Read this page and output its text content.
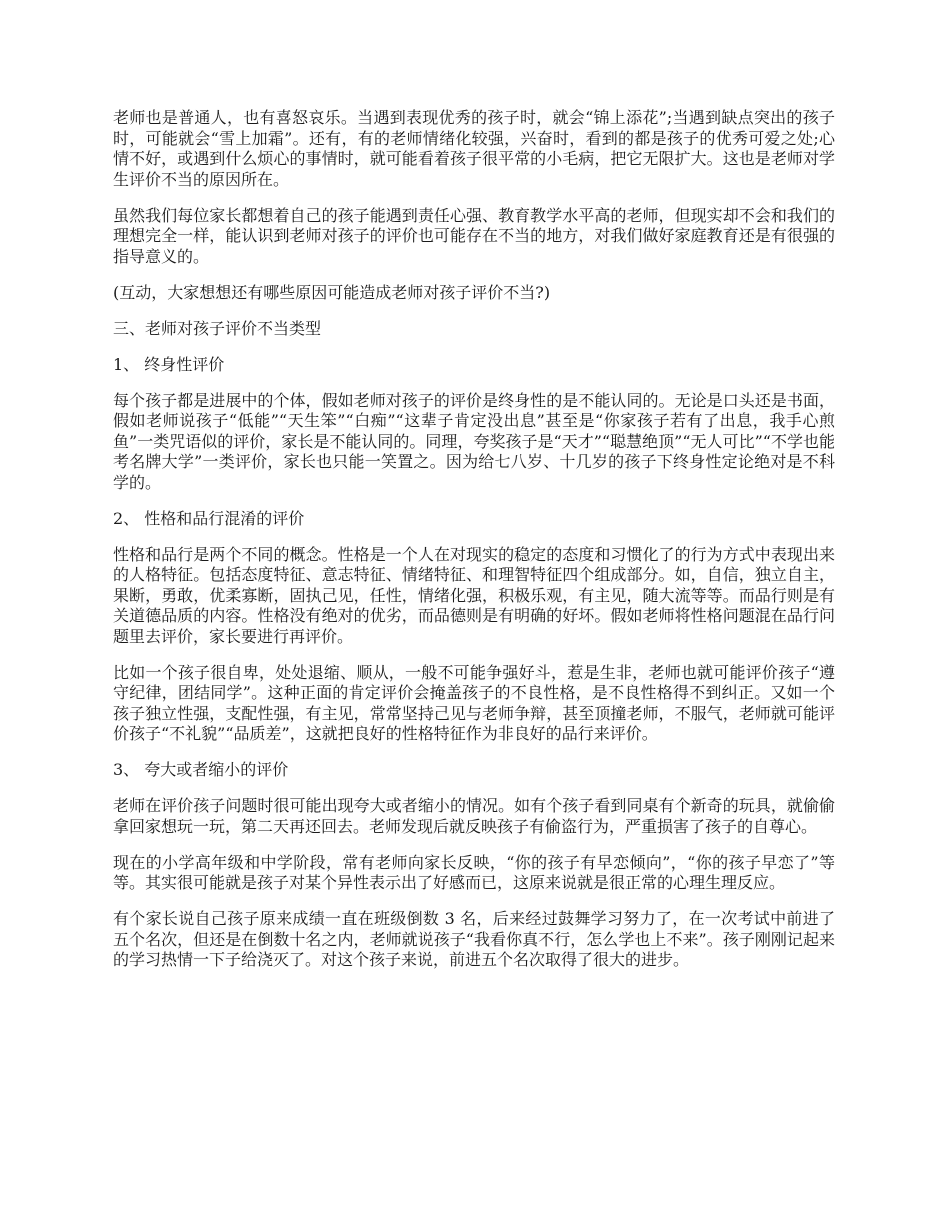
老师也是普通人，也有喜怒哀乐。当遇到表现优秀的孩子时，就会“锦上添花”;当遇到缺点突出的孩子时，可能就会“雪上加霜”。还有，有的老师情绪化较强，兴奋时，看到的都是孩子的优秀可爱之处;心情不好，或遇到什么烦心的事情时，就可能看着孩子很平常的小毛病，把它无限扩大。这也是老师对学生评价不当的原因所在。

虽然我们每位家长都想着自己的孩子能遇到责任心强、教育教学水平高的老师，但现实却不会和我们的理想完全一样，能认识到老师对孩子的评价也可能存在不当的地方，对我们做好家庭教育还是有很强的指导意义的。

(互动，大家想想还有哪些原因可能造成老师对孩子评价不当?)

三、老师对孩子评价不当类型

1、 终身性评价

每个孩子都是进展中的个体，假如老师对孩子的评价是终身性的是不能认同的。无论是口头还是书面，假如老师说孩子“低能”“天生笨”“白痴”“这辈子肯定没出息”甚至是“你家孩子若有了出息，我手心煎鱼”一类咒语似的评价，家长是不能认同的。同理，夸奖孩子是“天才”“聪慧绝顶”“无人可比”“不学也能考名牌大学”一类评价，家长也只能一笑置之。因为给七八岁、十几岁的孩子下终身性定论绝对是不科学的。

2、 性格和品行混淆的评价

性格和品行是两个不同的概念。性格是一个人在对现实的稳定的态度和习惯化了的行为方式中表现出来的人格特征。包括态度特征、意志特征、情绪特征、和理智特征四个组成部分。如，自信，独立自主，果断，勇敢，优柔寡断，固执己见，任性，情绪化强，积极乐观，有主见，随大流等等。而品行则是有关道德品质的内容。性格没有绝对的优劣，而品德则是有明确的好坏。假如老师将性格问题混在品行问题里去评价，家长要进行再评价。

比如一个孩子很自卑，处处退缩、顺从，一般不可能争强好斗，惹是生非，老师也就可能评价孩子“遵守纪律，团结同学”。这种正面的肯定评价会掩盖孩子的不良性格，是不良性格得不到纠正。又如一个孩子独立性强，支配性强，有主见，常常坚持己见与老师争辩，甚至顶撞老师，不服气，老师就可能评价孩子“不礼貌”“品质差”，这就把良好的性格特征作为非良好的品行来评价。

3、 夸大或者缩小的评价

老师在评价孩子问题时很可能出现夸大或者缩小的情况。如有个孩子看到同桌有个新奇的玩具，就偷偷拿回家想玩一玩，第二天再还回去。老师发现后就反映孩子有偷盗行为，严重损害了孩子的自尊心。

现在的小学高年级和中学阶段，常有老师向家长反映，“你的孩子有早恋倾向”，“你的孩子早恋了”等等。其实很可能就是孩子对某个异性表示出了好感而已，这原来说就是很正常的心理生理反应。

有个家长说自己孩子原来成绩一直在班级倒数 3 名，后来经过鼓舞学习努力了，在一次考试中前进了五个名次，但还是在倒数十名之内，老师就说孩子“我看你真不行，怎么学也上不来”。孩子刚刚记起来的学习热情一下子给浇灭了。对这个孩子来说，前进五个名次取得了很大的进步。
